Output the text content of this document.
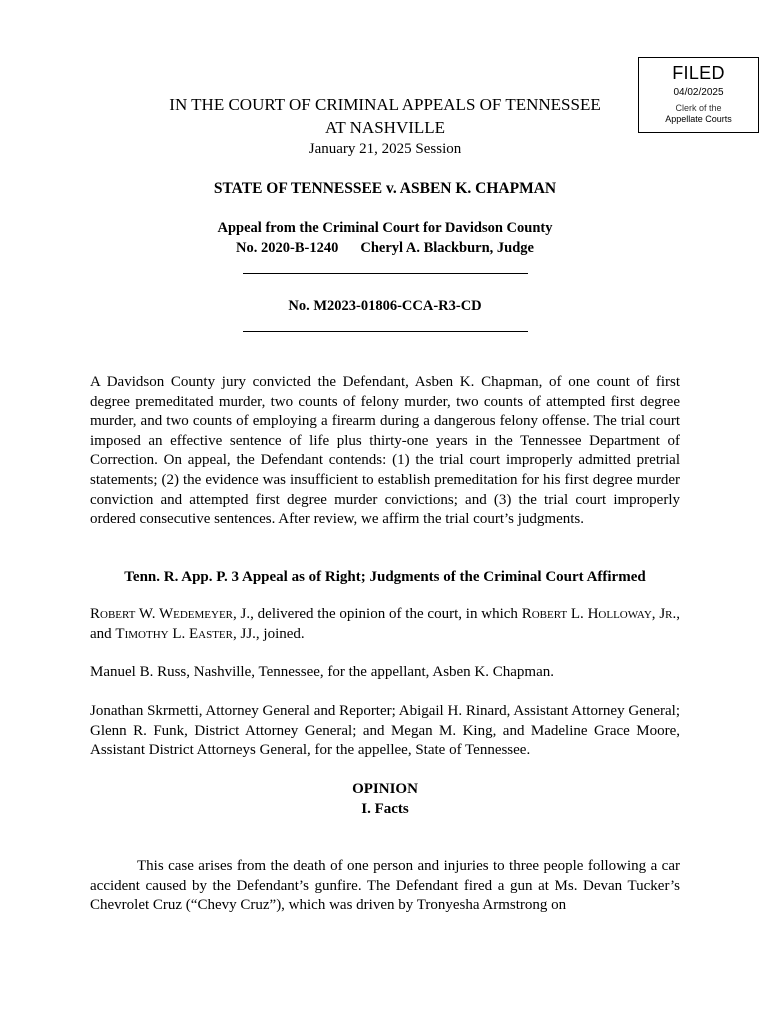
FILED
04/02/2025
Clerk of the
Appellate Courts
IN THE COURT OF CRIMINAL APPEALS OF TENNESSEE
AT NASHVILLE
January 21, 2025 Session
STATE OF TENNESSEE v. ASBEN K. CHAPMAN
Appeal from the Criminal Court for Davidson County
No. 2020-B-1240 Cheryl A. Blackburn, Judge
No. M2023-01806-CCA-R3-CD
A Davidson County jury convicted the Defendant, Asben K. Chapman, of one count of first degree premeditated murder, two counts of felony murder, two counts of attempted first degree murder, and two counts of employing a firearm during a dangerous felony offense. The trial court imposed an effective sentence of life plus thirty-one years in the Tennessee Department of Correction. On appeal, the Defendant contends: (1) the trial court improperly admitted pretrial statements; (2) the evidence was insufficient to establish premeditation for his first degree murder conviction and attempted first degree murder convictions; and (3) the trial court improperly ordered consecutive sentences. After review, we affirm the trial court’s judgments.
Tenn. R. App. P. 3 Appeal as of Right; Judgments of the Criminal Court Affirmed
Robert W. Wedemeyer, J., delivered the opinion of the court, in which Robert L. Holloway, Jr., and Timothy L. Easter, JJ., joined.
Manuel B. Russ, Nashville, Tennessee, for the appellant, Asben K. Chapman.
Jonathan Skrmetti, Attorney General and Reporter; Abigail H. Rinard, Assistant Attorney General; Glenn R. Funk, District Attorney General; and Megan M. King, and Madeline Grace Moore, Assistant District Attorneys General, for the appellee, State of Tennessee.
OPINION
I. Facts
This case arises from the death of one person and injuries to three people following a car accident caused by the Defendant’s gunfire. The Defendant fired a gun at Ms. Devan Tucker’s Chevrolet Cruz (“Chevy Cruz”), which was driven by Tronyesha Armstrong on
